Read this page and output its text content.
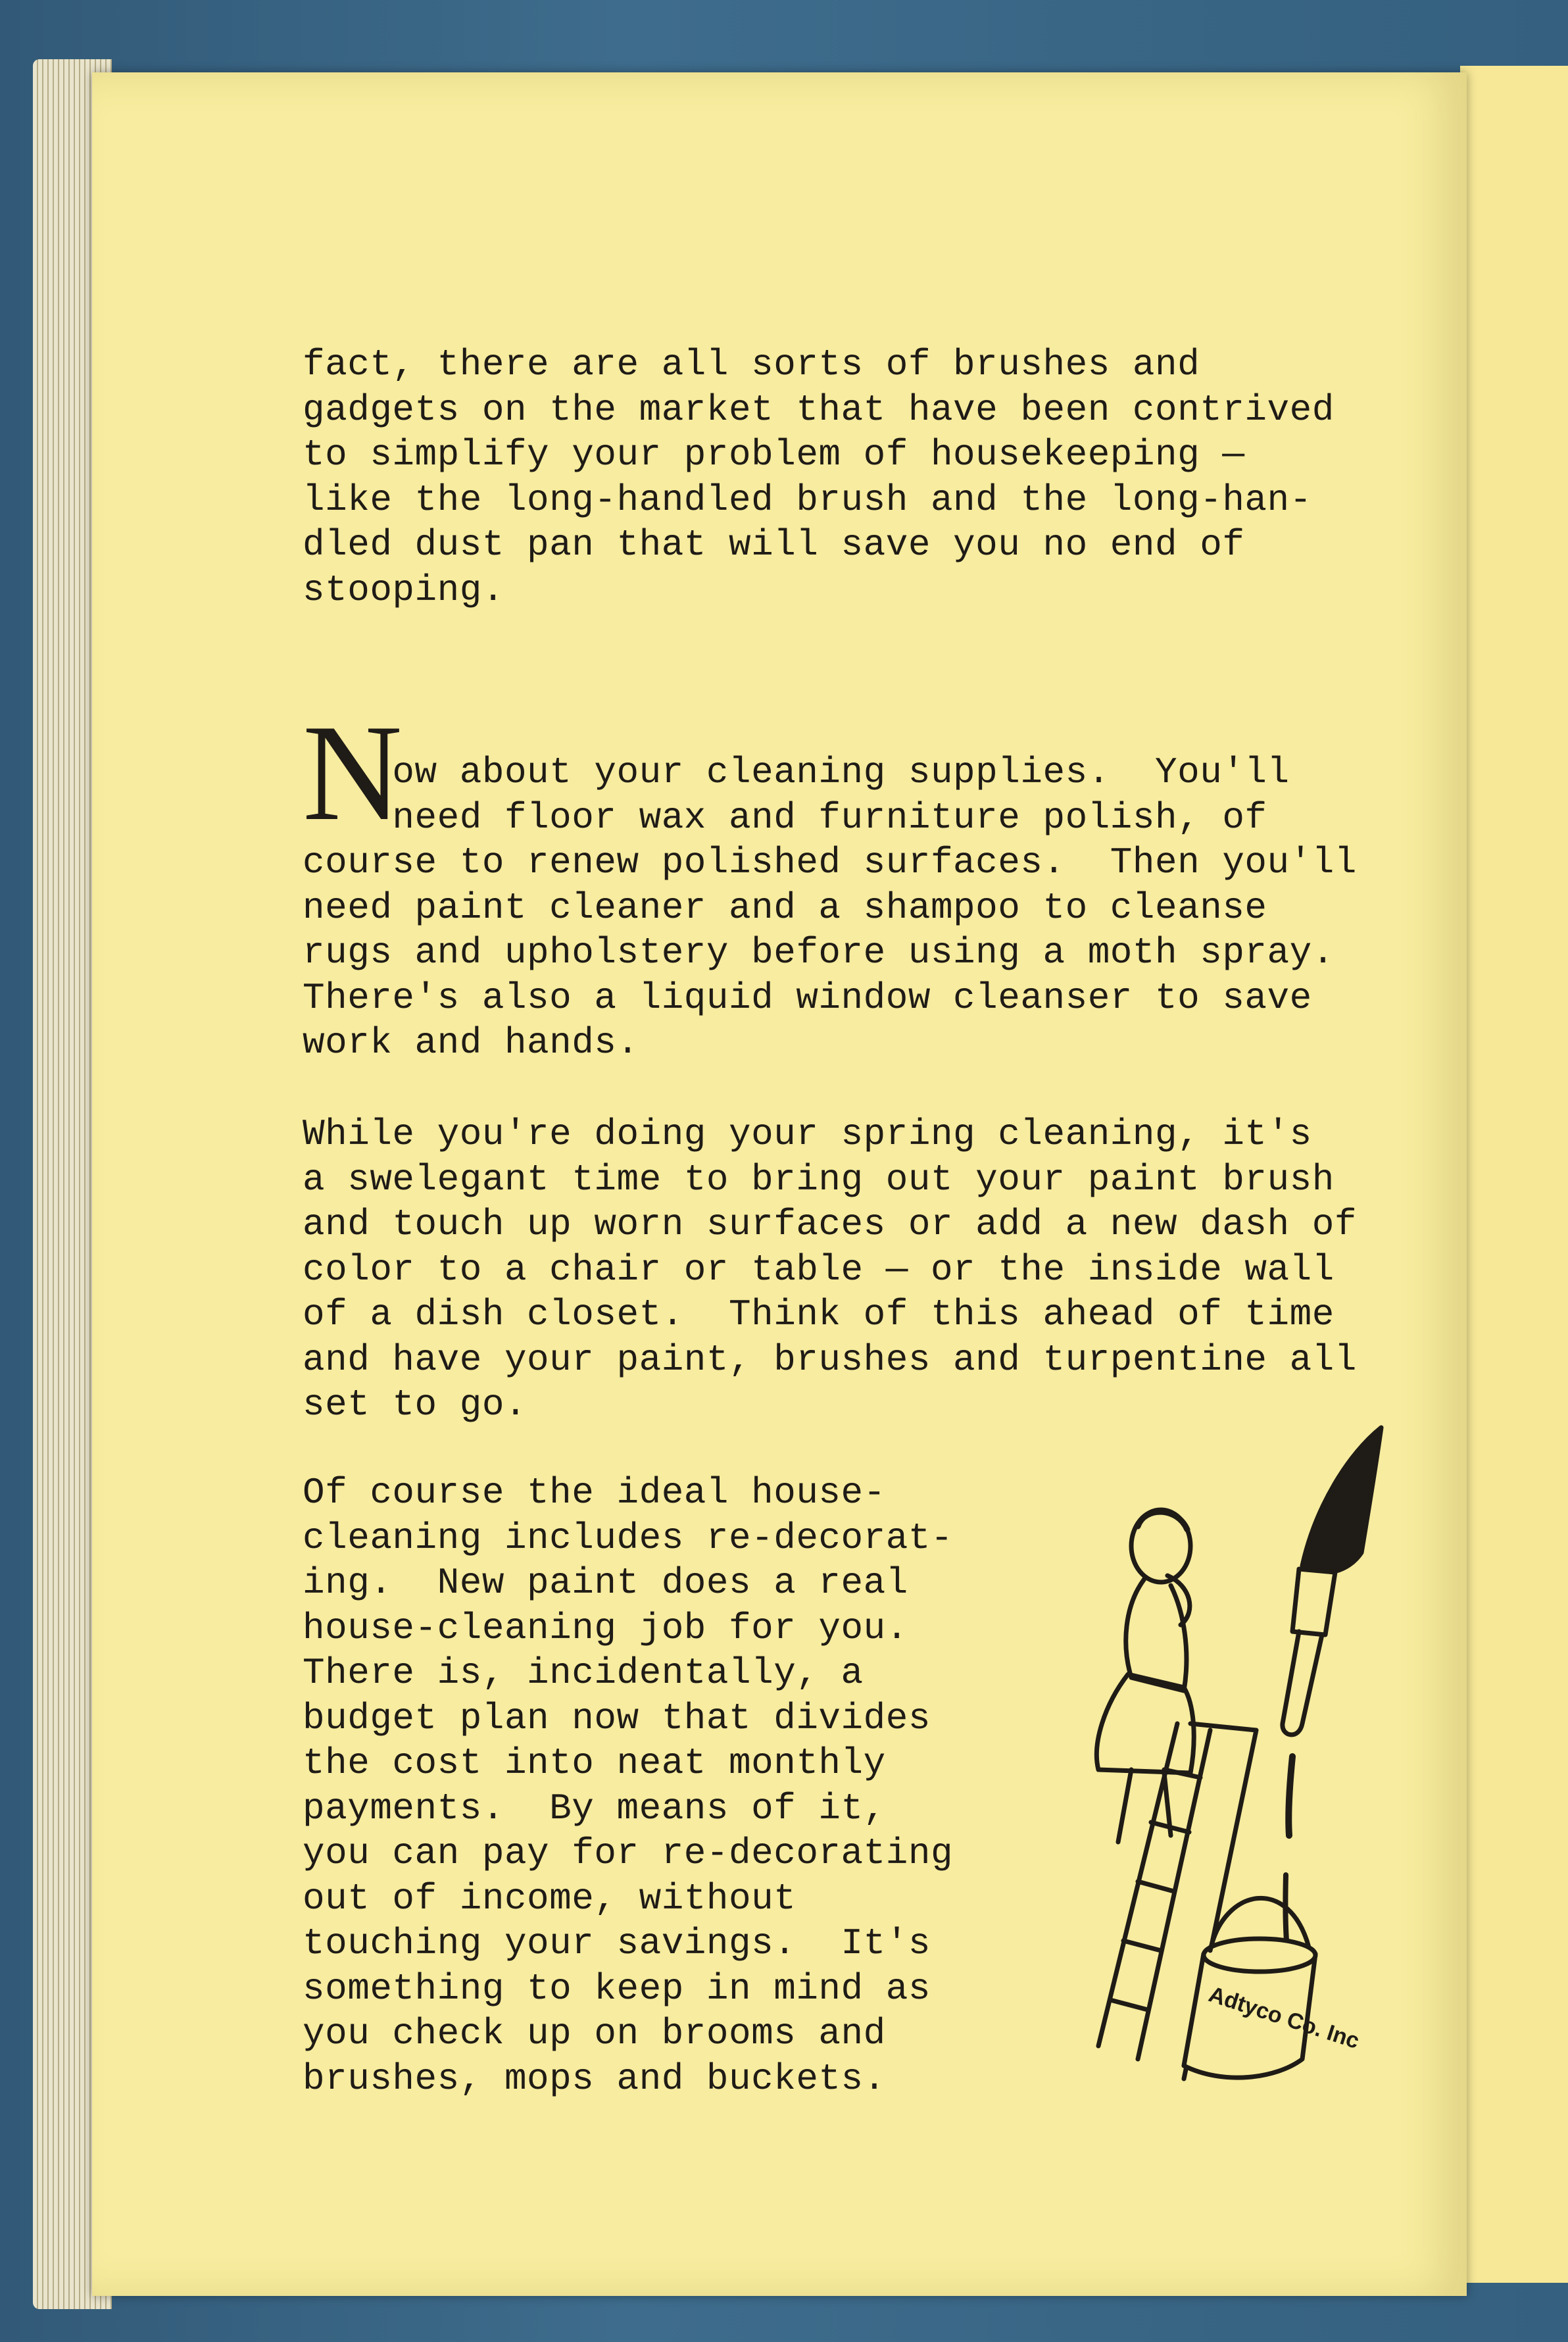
fact, there are all sorts of brushes and
gadgets on the market that have been contrived
to simplify your problem of housekeeping —
like the long-handled brush and the long-han-
dled dust pan that will save you no end of
stooping.

N

ow about your cleaning supplies.  You'll
need floor wax and furniture polish, of
course to renew polished surfaces.  Then you'll
need paint cleaner and a shampoo to cleanse
rugs and upholstery before using a moth spray.
There's also a liquid window cleanser to save
work and hands.

While you're doing your spring cleaning, it's
a swelegant time to bring out your paint brush
and touch up worn surfaces or add a new dash of
color to a chair or table — or the inside wall
of a dish closet.  Think of this ahead of time
and have your paint, brushes and turpentine all
set to go.

Of course the ideal house-
cleaning includes re-decorat-
ing.  New paint does a real
house-cleaning job for you.
There is, incidentally, a
budget plan now that divides
the cost into neat monthly
payments.  By means of it,
you can pay for re-decorating
out of income, without
touching your savings.  It's
something to keep in mind as
you check up on brooms and
brushes, mops and buckets.

Adtyco Co. Inc
